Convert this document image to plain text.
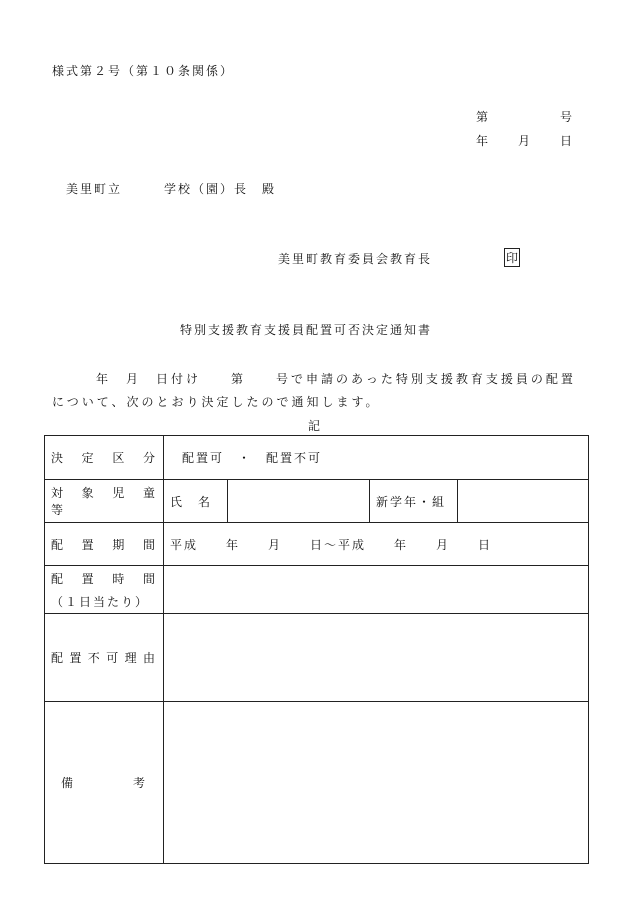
様式第２号（第１０条関係）
第　　　　　号
年　　月　　日
美里町立　　　学校（園）長　殿
美里町教育委員会教育長	印
特別支援教育支援員配置可否決定通知書
年　月　日付け　　第　　号で申請のあった特別支援教育支援員の配置
について、次のとおり決定したので通知します。
記
決　定　区　分	配置可　・　配置不可			

対　象　児　童　等	氏　名		新学年・組	

配　置　期　間	平成　　年　　月　　日～平成　　年　　月　　日			

配　置　時　間
（１日当たり）				

配置不可理由				

備　　　考				
